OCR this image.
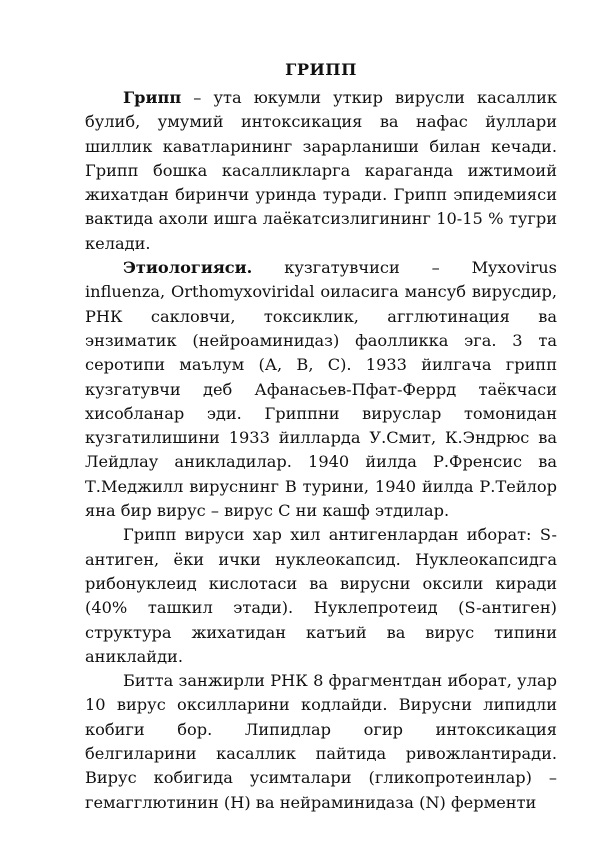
ГРИПП

Грипп – ута юкумли уткир вирусли касаллик булиб, умумий интоксикация ва нафас йуллари шиллик каватларининг зарарланиши билан кечади. Грипп бошка касалликларга караганда ижтимоий жихатдан биринчи уринда туради. Грипп эпидемияси вактида ахоли ишга лаёкатсизлигининг 10-15 % тугри келади.

Этиологияси. кузгатувчиси – Myxovirus influenza, Orthomyxoviridal оиласига мансуб вирусдир, РНК сакловчи, токсиклик, агглютинация ва энзиматик (нейроаминидаз) фаолликка эга. 3 та серотипи маълум (А, В, С). 1933 йилгача грипп кузгатувчи деб Афанасьев-Пфат-Феррд таёкчаси хисобланар эди. Гриппни вируслар томонидан кузгатилишини 1933 йилларда У.Смит, К.Эндрюс ва Лейдлау аникладилар. 1940 йилда Р.Френсис ва Т.Меджилл вируснинг В турини, 1940 йилда Р.Тейлор яна бир вирус – вирус С ни кашф этдилар.

Грипп вируси хар хил антигенлардан иборат: S-антиген, ёки ички нуклеокапсид. Нуклеокапсидга рибонуклеид кислотаси ва вирусни оксили киради (40% ташкил этади). Нуклепротеид (S-антиген) структура жихатидан катъий ва вирус типини аниклайди.

Битта занжирли РНК 8 фрагментдан иборат, улар 10 вирус оксилларини кодлайди. Вирусни липидли кобиги бор. Липидлар огир интоксикация белгиларини касаллик пайтида ривожлантиради. Вирус кобигида усимталари (гликопротеинлар) – гемагглютинин (Н) ва нейраминидаза (N) ферменти
